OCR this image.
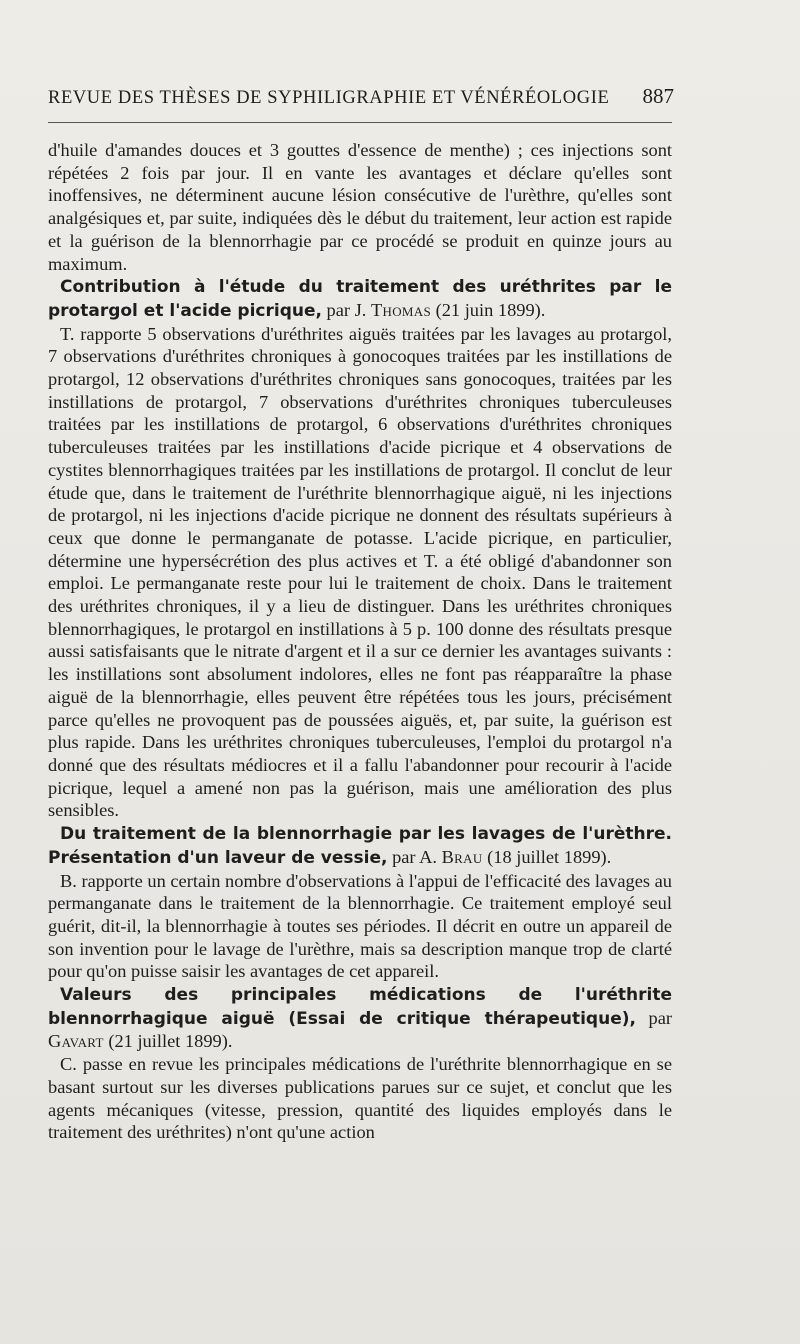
REVUE DES THÈSES DE SYPHILIGRAPHIE ET VÉNÉRÉOLOGIE 887

d'huile d'amandes douces et 3 gouttes d'essence de menthe) ; ces injections sont répétées 2 fois par jour. Il en vante les avantages et déclare qu'elles sont inoffensives, ne déterminent aucune lésion consécutive de l'urèthre, qu'elles sont analgésiques et, par suite, indiquées dès le début du traitement, leur action est rapide et la guérison de la blennorrhagie par ce procédé se produit en quinze jours au maximum.

Contribution à l'étude du traitement des uréthrites par le protargol et l'acide picrique, par J. Thomas (21 juin 1899).

T. rapporte 5 observations d'uréthrites aiguës traitées par les lavages au protargol, 7 observations d'uréthrites chroniques à gonocoques traitées par les instillations de protargol, 12 observations d'uréthrites chroniques sans gonocoques, traitées par les instillations de protargol, 7 observations d'uréthrites chroniques tuberculeuses traitées par les instillations de protargol, 6 observations d'uréthrites chroniques tuberculeuses traitées par les instillations d'acide picrique et 4 observations de cystites blennorrhagiques traitées par les instillations de protargol. Il conclut de leur étude que, dans le traitement de l'uréthrite blennorrhagique aiguë, ni les injections de protargol, ni les injections d'acide picrique ne donnent des résultats supérieurs à ceux que donne le permanganate de potasse. L'acide picrique, en particulier, détermine une hypersécrétion des plus actives et T. a été obligé d'abandonner son emploi. Le permanganate reste pour lui le traitement de choix. Dans le traitement des uréthrites chroniques, il y a lieu de distinguer. Dans les uréthrites chroniques blennorrhagiques, le protargol en instillations à 5 p. 100 donne des résultats presque aussi satisfaisants que le nitrate d'argent et il a sur ce dernier les avantages suivants : les instillations sont absolument indolores, elles ne font pas réapparaître la phase aiguë de la blennorrhagie, elles peuvent être répétées tous les jours, précisément parce qu'elles ne provoquent pas de poussées aiguës, et, par suite, la guérison est plus rapide. Dans les uréthrites chroniques tuberculeuses, l'emploi du protargol n'a donné que des résultats médiocres et il a fallu l'abandonner pour recourir à l'acide picrique, lequel a amené non pas la guérison, mais une amélioration des plus sensibles.

Du traitement de la blennorrhagie par les lavages de l'urèthre. Présentation d'un laveur de vessie, par A. Brau (18 juillet 1899).

B. rapporte un certain nombre d'observations à l'appui de l'efficacité des lavages au permanganate dans le traitement de la blennorrhagie. Ce traitement employé seul guérit, dit-il, la blennorrhagie à toutes ses périodes. Il décrit en outre un appareil de son invention pour le lavage de l'urèthre, mais sa description manque trop de clarté pour qu'on puisse saisir les avantages de cet appareil.

Valeurs des principales médications de l'uréthrite blennorrhagique aiguë (Essai de critique thérapeutique), par Gavart (21 juillet 1899).

C. passe en revue les principales médications de l'uréthrite blennorrhagique en se basant surtout sur les diverses publications parues sur ce sujet, et conclut que les agents mécaniques (vitesse, pression, quantité des liquides employés dans le traitement des uréthrites) n'ont qu'une action
